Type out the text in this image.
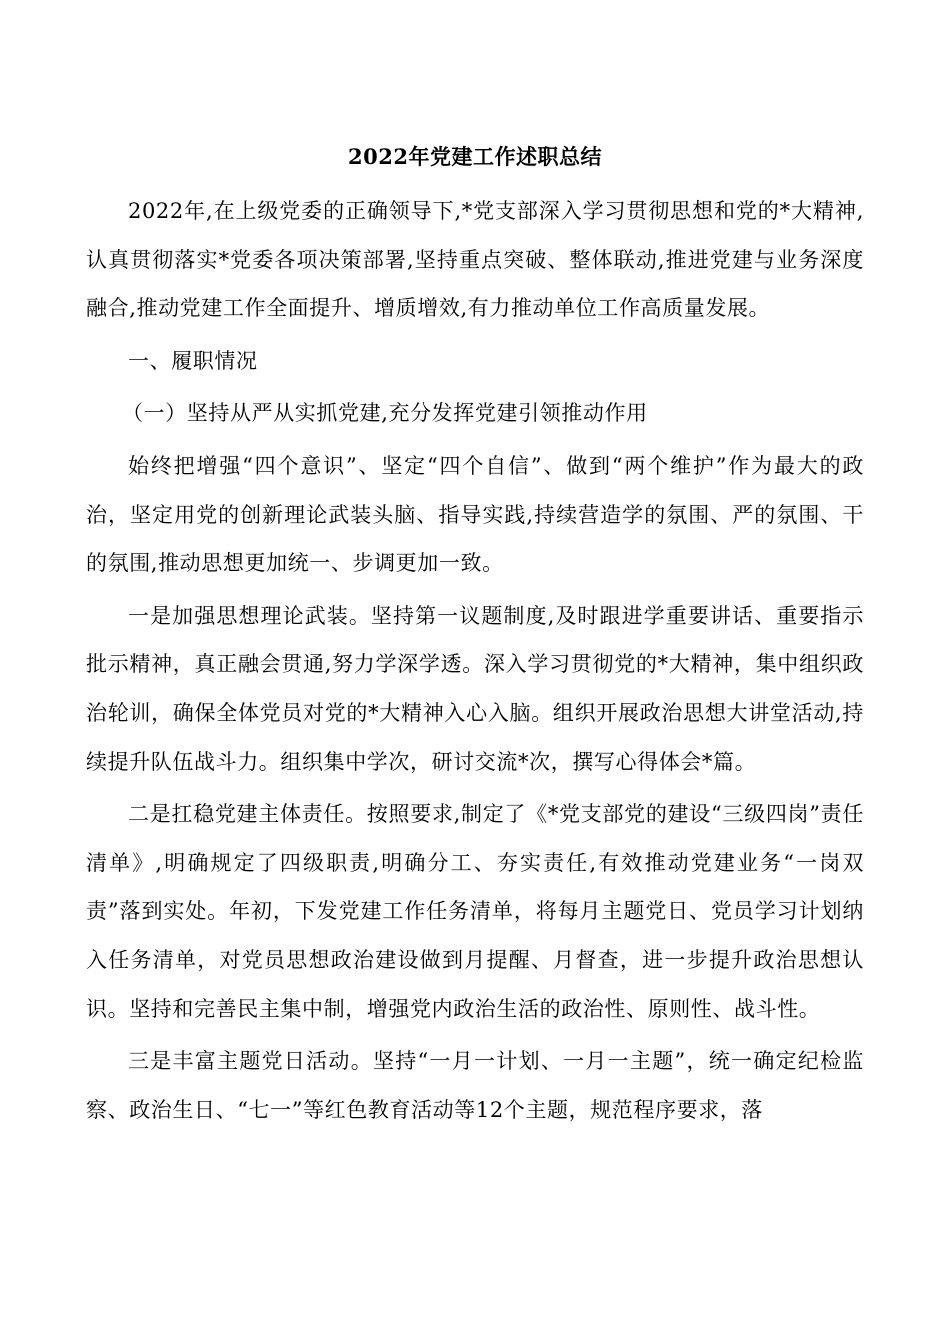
2022年党建工作述职总结

2022年,在上级党委的正确领导下,*党支部深入学习贯彻思想和党的*大精神,认真贯彻落实*党委各项决策部署,坚持重点突破、整体联动,推进党建与业务深度融合,推动党建工作全面提升、增质增效,有力推动单位工作高质量发展。

一、履职情况

（一）坚持从严从实抓党建,充分发挥党建引领推动作用

始终把增强“四个意识”、坚定“四个自信”、做到“两个维护”作为最大的政治，坚定用党的创新理论武装头脑、指导实践,持续营造学的氛围、严的氛围、干的氛围,推动思想更加统一、步调更加一致。

一是加强思想理论武装。坚持第一议题制度,及时跟进学重要讲话、重要指示批示精神，真正融会贯通,努力学深学透。深入学习贯彻党的*大精神，集中组织政治轮训，确保全体党员对党的*大精神入心入脑。组织开展政治思想大讲堂活动,持续提升队伍战斗力。组织集中学次，研讨交流*次，撰写心得体会*篇。

二是扛稳党建主体责任。按照要求,制定了《*党支部党的建设“三级四岗”责任清单》,明确规定了四级职责,明确分工、夯实责任,有效推动党建业务“一岗双责”落到实处。年初，下发党建工作任务清单，将每月主题党日、党员学习计划纳入任务清单，对党员思想政治建设做到月提醒、月督查，进一步提升政治思想认识。坚持和完善民主集中制，增强党内政治生活的政治性、原则性、战斗性。

三是丰富主题党日活动。坚持“一月一计划、一月一主题”，统一确定纪检监察、政治生日、“七一”等红色教育活动等12个主题，规范程序要求，落
